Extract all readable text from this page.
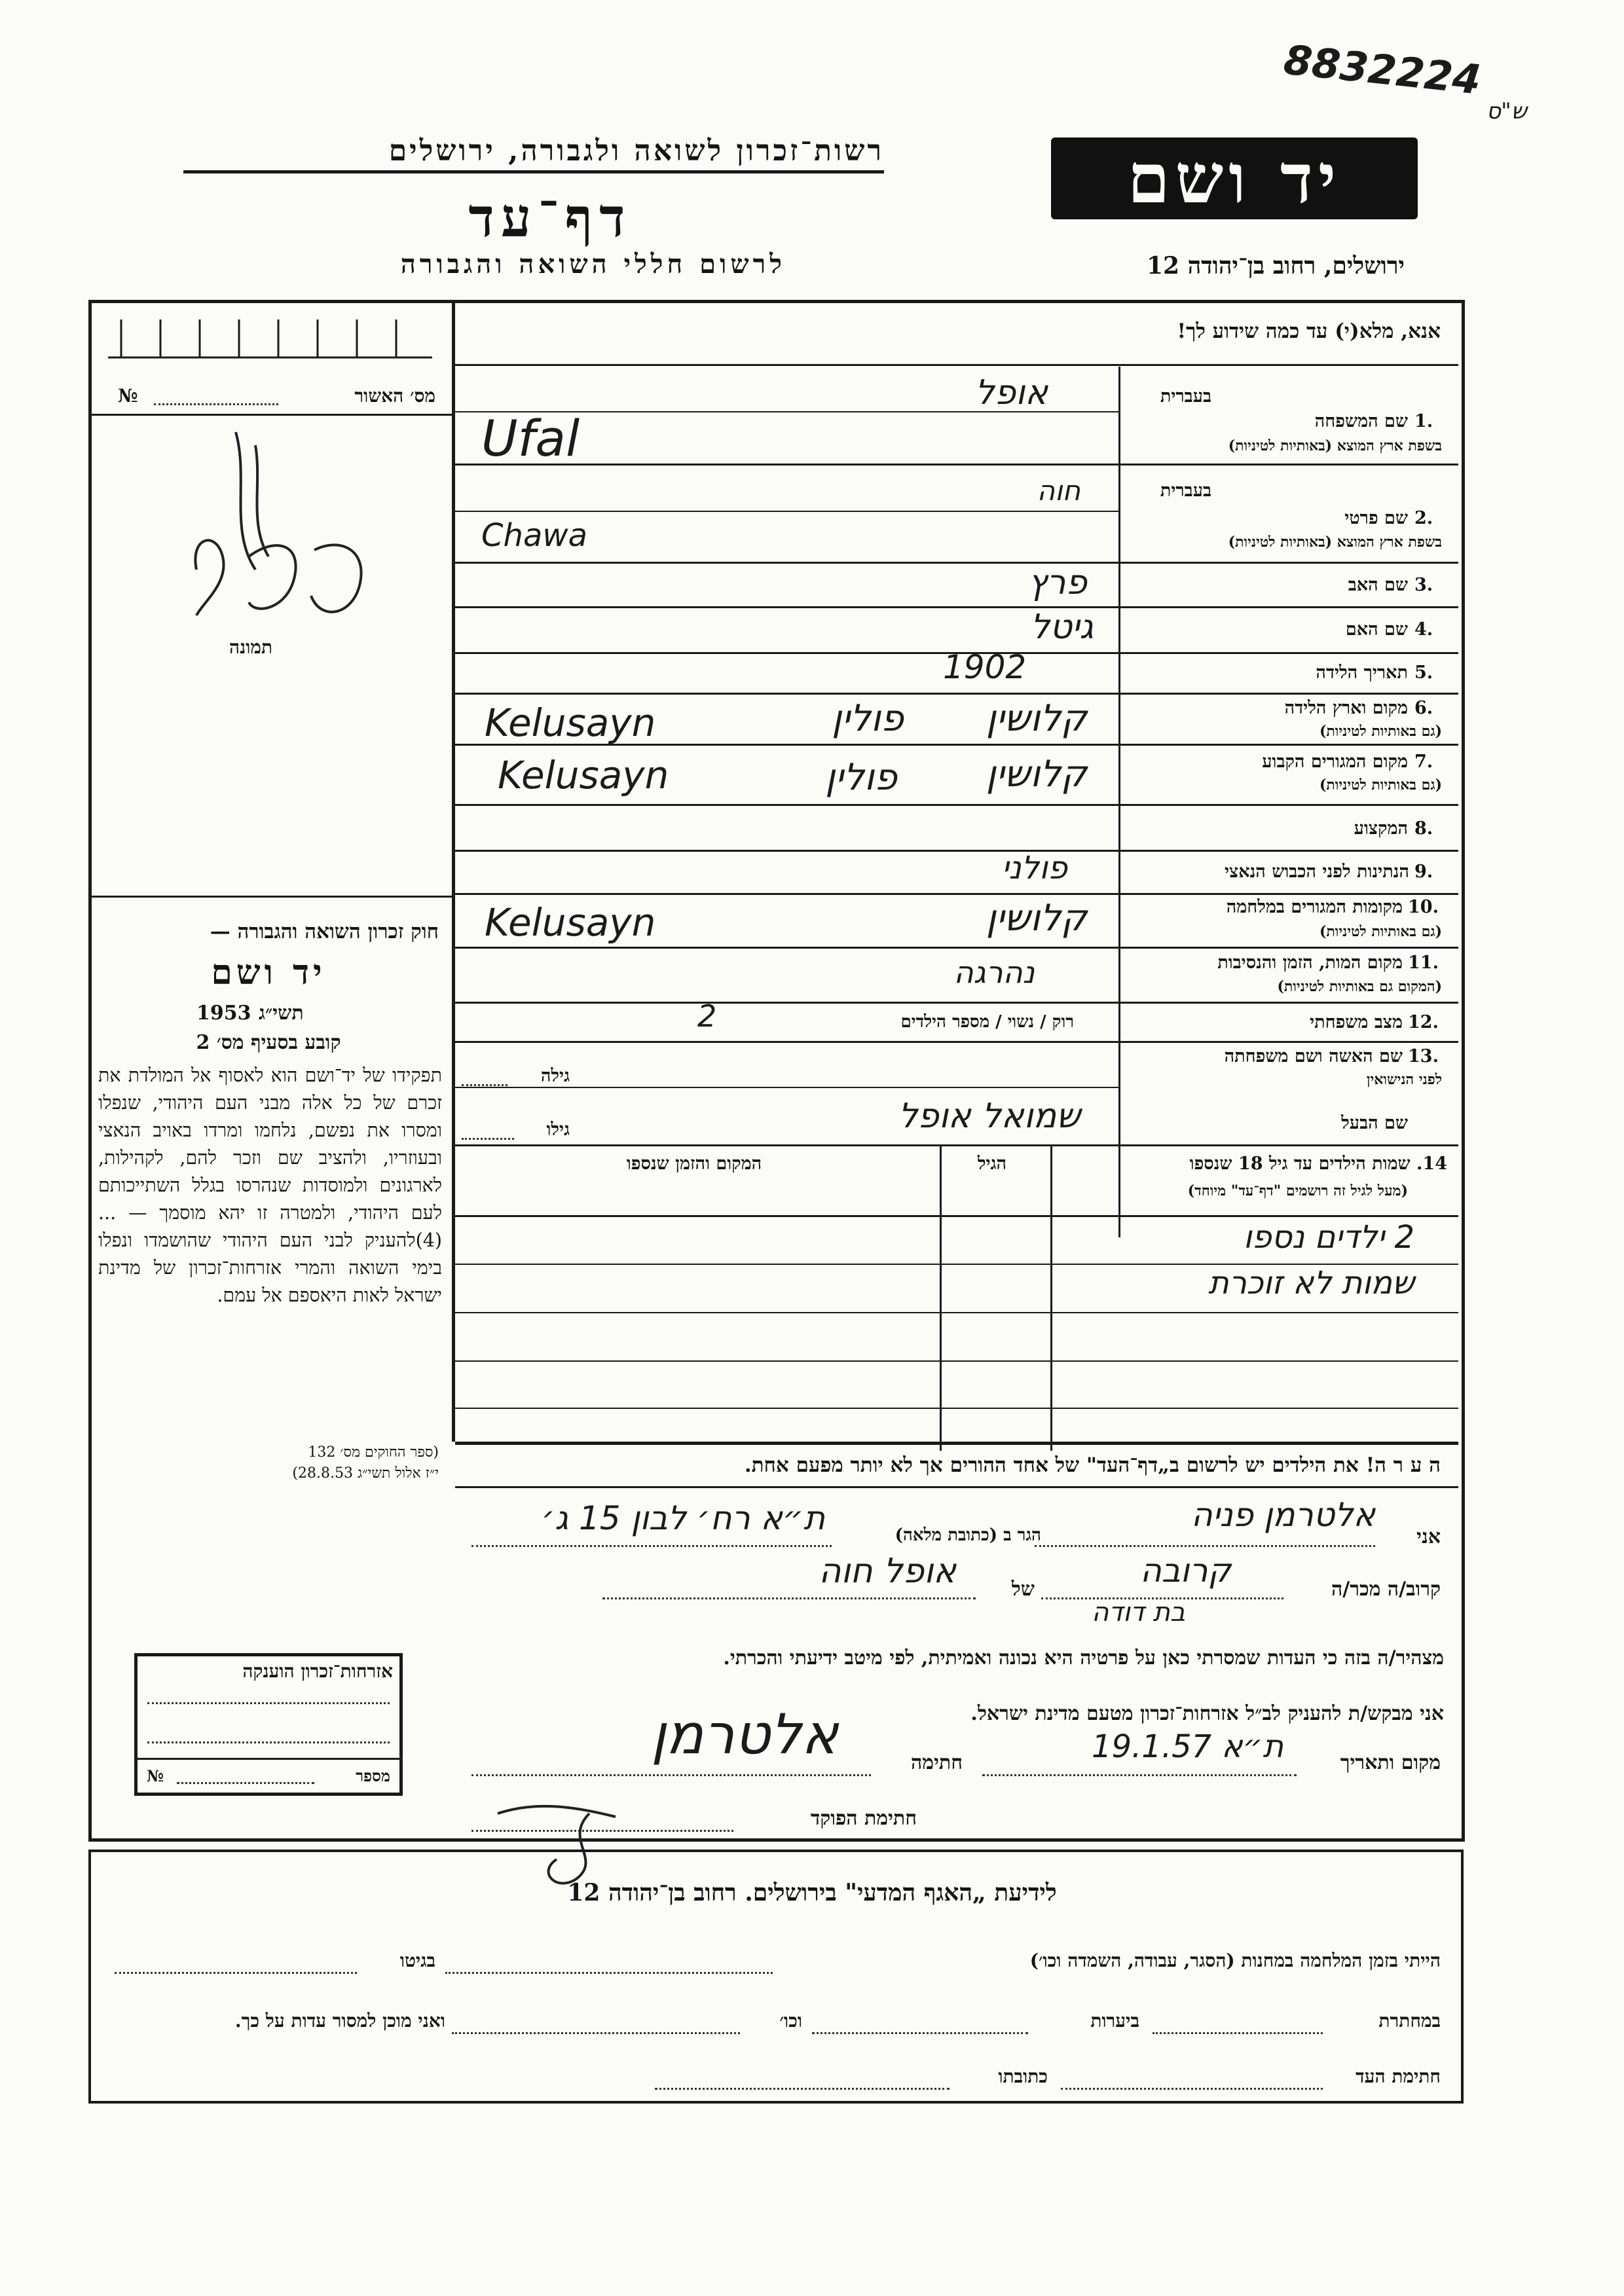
8832224
ש"ס
רשות־זכרון לשואה ולגבורה, ירושלים
דף־עד
לרשום חללי השואה והגבורה
יד ושם
ירושלים, רחוב בן־יהודה 12
אנא, מלא(י) עד כמה שידוע לך!
№	מס׳ האשור
תמונה
חוק זכרון השואה והגבורה —
יד ושם
תשי״ג
1953
קובע בסעיף מס׳ 2
תפקידו של יד־ושם הוא לאסוף אל המולדת את זכרם של כל אלה מבני העם היהודי, שנפלו ומסרו את נפשם, נלחמו ומרדו באויב הנאצי ובעוזריו, ולהציב שם וזכר להם, לקהילות, לארגונים ולמוסדות שנהרסו בגלל השתייכותם לעם היהודי, ולמטרה זו יהא מוסמך — ...(4)להעניק לבני העם היהודי שהושמדו ונפלו בימי השואה והמרי אזרחות־זכרון של מדינת ישראל לאות היאספם אל עמם.
(ספר החוקים מס׳ 132
י״ז אלול תשי״ג 28.8.53)
אזרחות־זכרון הוענקה
№	מספר
1.
שם המשפחה
בעברית
בשפת ארץ המוצא (באותיות לטיניות)
אופל
Ufal
2.
שם פרטי
בעברית
בשפת ארץ המוצא (באותיות לטיניות)
חוה
Chawa
3.
שם האב
פרץ
4.
שם האם
גיטל
5.
תאריך הלידה
1902
6.
מקום וארץ הלידה
(גם באותיות לטיניות)
Kelusayn	פולין	קלושין
7.
מקום המגורים הקבוע
(גם באותיות לטיניות)
Kelusayn	פולין	קלושין
8.
המקצוע
9.
הנתינות לפני הכבוש הנאצי
פולני
10.
מקומות המגורים במלחמה
(גם באותיות לטיניות)
Kelusayn	קלושין
11.
מקום המות, הזמן והנסיבות
(המקום גם באותיות לטיניות)
נהרגה
12.
מצב משפחתי
רוק / נשוי / מספר הילדים
2
13.
שם האשה ושם משפחתה
לפני הנישואין
גילה
שם הבעל
גילו	שמואל אופל
14. שמות הילדים עד גיל 18 שנספו
(מעל לגיל זה רושמים "דף־עד" מיוחד)
הגיל
המקום והזמן שנספו
2 ילדים נספו
שמות לא זוכרת
ה ע ר ה! את הילדים יש לרשום ב„דף־העד" של אחד ההורים אך לא יותר מפעם אחת.
אני
אלטרמן פניה
הגר ב (כתובת מלאה)
ת״א רח׳ לבון 15 ג׳
קרוב/ה מכר/ה
קרובה
בת דודה
של
אופל חוה
מצהיר/ה בזה כי העדות שמסרתי כאן על פרטיה היא נכונה ואמיתית, לפי מיטב ידיעתי והכרתי.
אני מבקש/ת להעניק לב״ל אזרחות־זכרון מטעם מדינת ישראל.
מקום ותאריך
ת״א 19.1.57
חתימה
אלטרמן
חתימת הפוקד
לידיעת „האגף המדעי" בירושלים. רחוב בן־יהודה 12
הייתי בזמן המלחמה במחנות (הסגר, עבודה, השמדה וכו׳)
בגיטו
במחתרת
ביערות
וכו׳
ואני מוכן למסור עדות על כך.
חתימת העד
כתובתו
